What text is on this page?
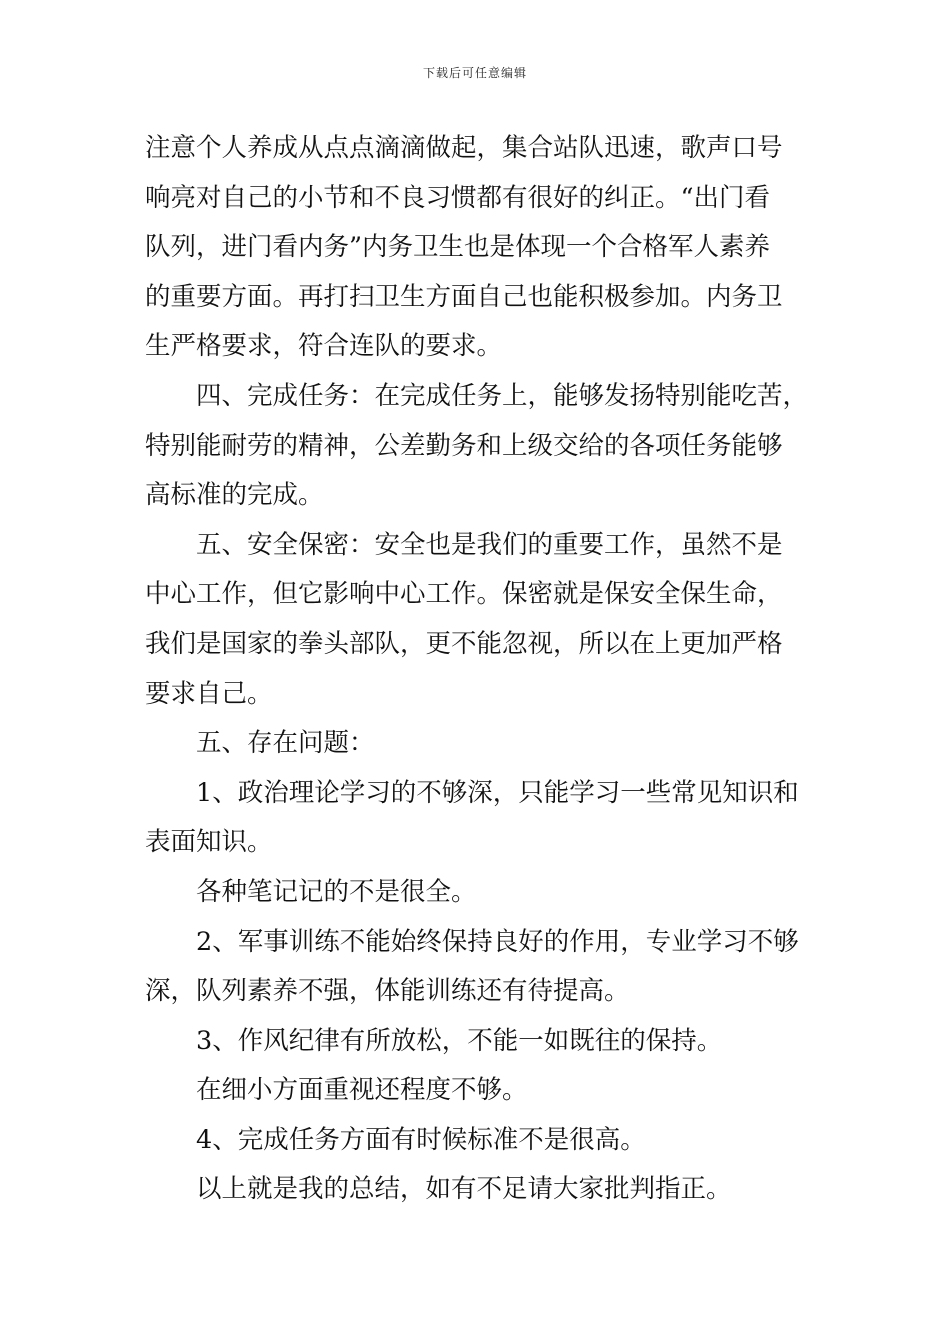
下载后可任意编辑

注意个人养成从点点滴滴做起，集合站队迅速，歌声口号
响亮对自己的小节和不良习惯都有很好的纠正。“出门看
队列，进门看内务”内务卫生也是体现一个合格军人素养
的重要方面。再打扫卫生方面自己也能积极参加。内务卫
生严格要求，符合连队的要求。

四、完成任务：在完成任务上，能够发扬特别能吃苦，
特别能耐劳的精神，公差勤务和上级交给的各项任务能够
高标准的完成。

五、安全保密：安全也是我们的重要工作，虽然不是
中心工作，但它影响中心工作。保密就是保安全保生命，
我们是国家的拳头部队，更不能忽视，所以在上更加严格
要求自己。

五、存在问题：

1、政治理论学习的不够深，只能学习一些常见知识和
表面知识。

各种笔记记的不是很全。

2、军事训练不能始终保持良好的作用，专业学习不够
深，队列素养不强，体能训练还有待提高。

3、作风纪律有所放松，不能一如既往的保持。

在细小方面重视还程度不够。

4、完成任务方面有时候标准不是很高。

以上就是我的总结，如有不足请大家批判指正。
